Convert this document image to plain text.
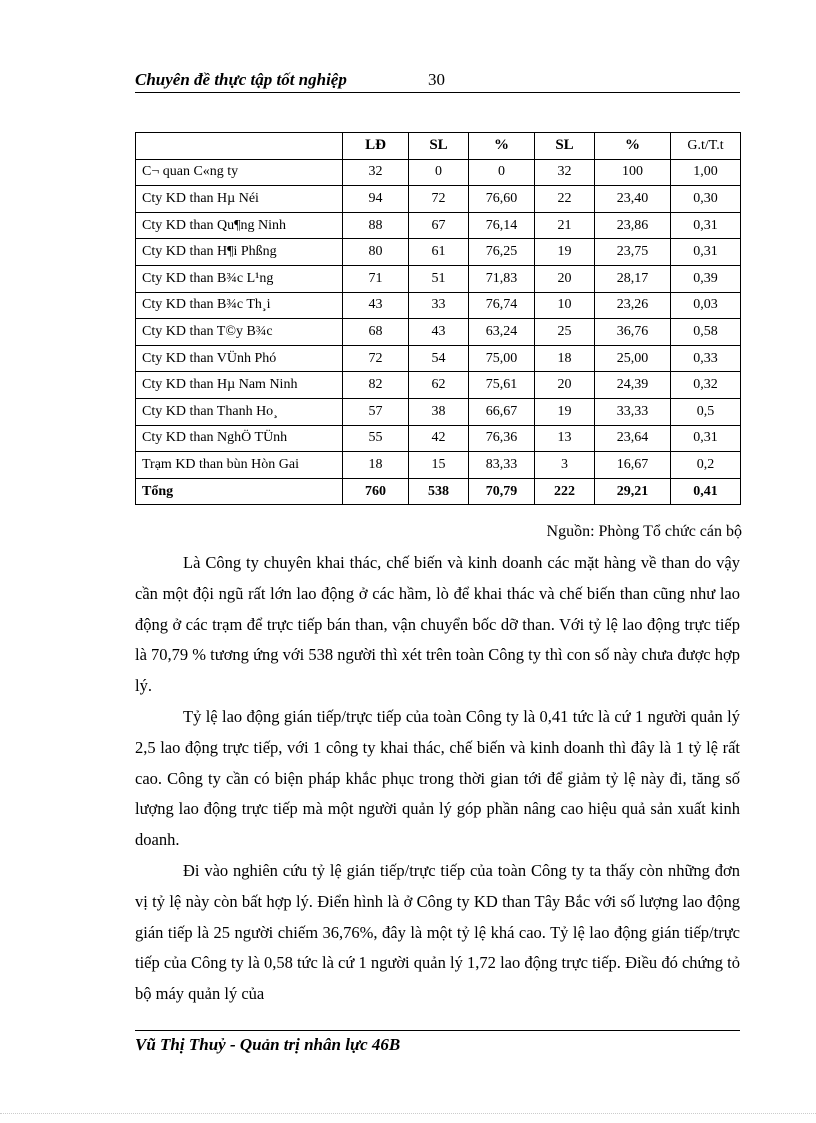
Chuyên đề thực tập tốt nghiệp	30
	LĐ	SL	%	SL	%	G.t/T.t
C¬ quan C«ng ty	32	0	0	32	100	1,00
Cty KD than Hµ Néi	94	72	76,60	22	23,40	0,30
Cty KD than Qu¶ng Ninh	88	67	76,14	21	23,86	0,31
Cty KD than H¶i Phßng	80	61	76,25	19	23,75	0,31
Cty KD than B¾c L¹ng	71	51	71,83	20	28,17	0,39
Cty KD than B¾c Th¸i	43	33	76,74	10	23,26	0,03
Cty KD than T©y B¾c	68	43	63,24	25	36,76	0,58
Cty KD than VÜnh Phó	72	54	75,00	18	25,00	0,33
Cty KD than Hµ Nam Ninh	82	62	75,61	20	24,39	0,32
Cty KD than Thanh Ho¸	57	38	66,67	19	33,33	0,5
Cty KD than NghÖ TÜnh	55	42	76,36	13	23,64	0,31
Trạm KD than bùn Hòn Gai	18	15	83,33	3	16,67	0,2
Tổng	760	538	70,79	222	29,21	0,41
Nguồn: Phòng Tổ chức cán bộ

Là Công ty chuyên khai thác, chế biến và kinh doanh các mặt hàng về than do vậy cần một đội ngũ rất lớn lao động ở các hầm, lò để khai thác và chế biến than cũng như lao động ở các trạm để trực tiếp bán than, vận chuyển bốc dỡ than. Với tỷ lệ lao động trực tiếp là 70,79 % tương ứng với 538 người thì xét trên toàn Công ty thì con số này chưa được hợp lý.

Tỷ lệ lao động gián tiếp/trực tiếp của toàn Công ty là 0,41 tức là cứ 1 người quản lý 2,5 lao động trực tiếp, với 1 công ty khai thác, chế biến và kinh doanh thì đây là 1 tỷ lệ rất cao. Công ty cần có biện pháp khắc phục trong thời gian tới để giảm tỷ lệ này đi, tăng số lượng lao động trực tiếp mà một người quản lý góp phần nâng cao hiệu quả sản xuất kinh doanh.

Đi vào nghiên cứu tỷ lệ gián tiếp/trực tiếp của toàn Công ty ta thấy còn những đơn vị tỷ lệ này còn bất hợp lý. Điển hình là ở Công ty KD than Tây Bắc với số lượng lao động gián tiếp là 25 người chiếm 36,76%, đây là một tỷ lệ khá cao. Tỷ lệ lao động gián tiếp/trực tiếp của Công ty là 0,58 tức là cứ 1 người quản lý 1,72 lao động trực tiếp. Điều đó chứng tỏ bộ máy quản lý của

Vũ Thị Thuỷ - Quản trị nhân lực 46B
